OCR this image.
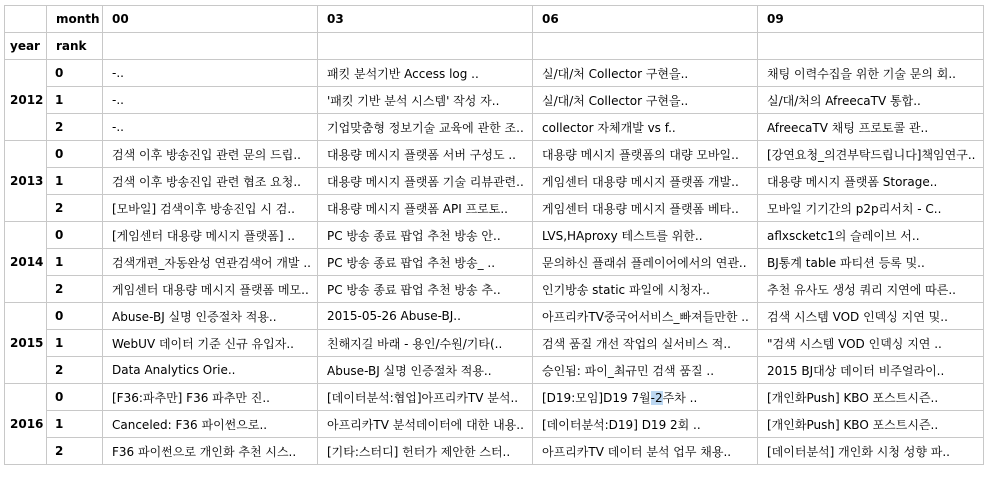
	month	00	03	06	09
year	rank				
2012	0	-..	패킷 분석기반 Access log ..	실/대/처 Collector 구현을..	채팅 이력수집을 위한 기술 문의 회..
	1	-..	'패킷 기반 분석 시스템' 작성 자..	실/대/처 Collector 구현을..	실/대/처의 AfreecaTV 통합..
	2	-..	기업맞춤형 정보기술 교육에 관한 조..	collector 자체개발 vs f..	AfreecaTV 채팅 프로토콜 관..
2013	0	검색 이후 방송진입 관련 문의 드립..	대용량 메시지 플랫폼 서버 구성도 ..	대용량 메시지 플랫폼의 대량 모바일..	[강연요청_의견부탁드립니다]책임연구..
	1	검색 이후 방송진입 관련 협조 요청..	대용량 메시지 플랫폼 기술 리뷰관련..	게임센터 대용량 메시지 플랫폼 개발..	대용량 메시지 플랫폼 Storage..
	2	[모바일] 검색이후 방송진입 시 검..	대용량 메시지 플랫폼 API 프로토..	게임센터 대용량 메시지 플랫폼 베타..	모바일 기기간의 p2p리서치 - C..
2014	0	[게임센터 대용량 메시지 플랫폼] ..	PC 방송 종료 팝업 추천 방송 안..	LVS,HAproxy 테스트를 위한..	aflxscketc1의 슬레이브 서..
	1	검색개편_자동완성 연관검색어 개발 ..	PC 방송 종료 팝업 추천 방송_ ..	문의하신 플래쉬 플레이어에서의 연관..	BJ통계 table 파티션 등록 및..
	2	게임센터 대용량 메시지 플랫폼 메모..	PC 방송 종료 팝업 추천 방송 추..	인기방송 static 파일에 시청자..	추천 유사도 생성 쿼리 지연에 따른..
2015	0	Abuse-BJ 실명 인증절차 적용..	2015-05-26 Abuse-BJ..	아프리카TV중국어서비스_빠져들만한 ..	검색 시스템 VOD 인덱싱 지연 및..
	1	WebUV 데이터 기준 신규 유입자..	친해지길 바래 - 용인/수원/기타(..	검색 품질 개선 작업의 실서비스 적..	"검색 시스템 VOD 인덱싱 지연 ..
	2	Data Analytics Orie..	Abuse-BJ 실명 인증절차 적용..	승인됨: 파이_최규민 검색 품질 ..	2015 BJ대상 데이터 비주얼라이..
2016	0	[F36:파추만] F36 파추만 진..	[데이터분석:협업]아프리카TV 분석..	[D19:모임]D19 7월-2주차 ..	[개인화Push] KBO 포스트시즌..
	1	Canceled: F36 파이썬으로..	아프리카TV 분석데이터에 대한 내용..	[데이터분석:D19] D19 2회 ..	[개인화Push] KBO 포스트시즌..
	2	F36 파이썬으로 개인화 추천 시스..	[기타:스터디] 헌터가 제안한 스터..	아프리카TV 데이터 분석 업무 채용..	[데이터분석] 개인화 시청 성향 파..
